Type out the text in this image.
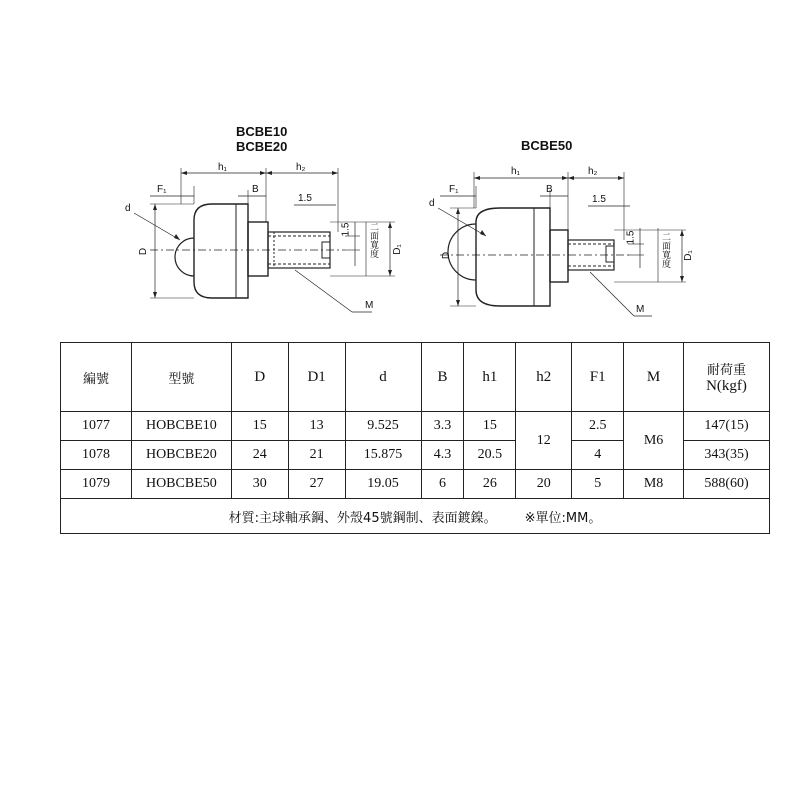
BCBE10
BCBE20
h₁	h₂
B
F₁
1.5
d
D
1.5 二面寬度 D₁
M
BCBE50
h₁	h₂
B
F₁
1.5
d
D
1.5	二面寬度 D₁
M
編號	型號	D	D1	d	B	h1	h2	F1	M	耐荷重
N(kgf)

1077	HOBCBE10	15	13	9.525	3.3	15	12	2.5	M6	147(15)
1078	HOBCBE20	24	21	15.875	4.3	20.5		4		343(35)
1079	HOBCBE50	30	27	19.05	6	26	20	5	M8	588(60)
材質:主球軸承鋼、外殼45號鋼制、表面鍍鎳。 ※單位:MM。										
